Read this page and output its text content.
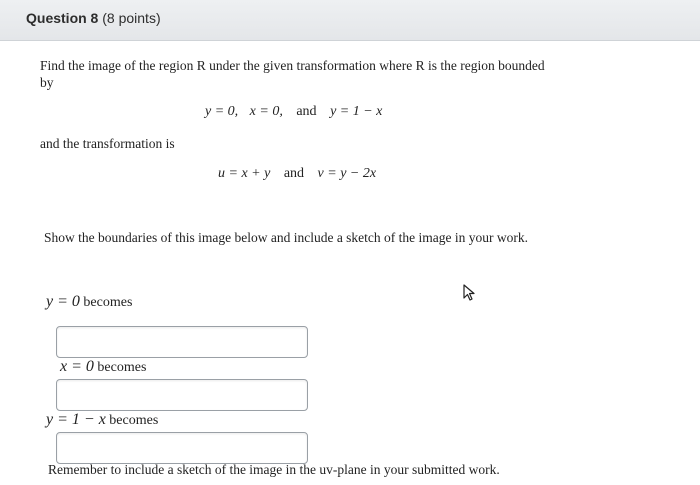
Question 8 (8 points)
Find the image of the region R under the given transformation where R is the region bounded
by
y = 0, x = 0, and y = 1 − x
and the transformation is
u = x + y and v = y − 2x
Show the boundaries of this image below and include a sketch of the image in your work.
y = 0 becomes
x = 0 becomes
y = 1 − x becomes
Remember to include a sketch of the image in the uv-plane in your submitted work.
